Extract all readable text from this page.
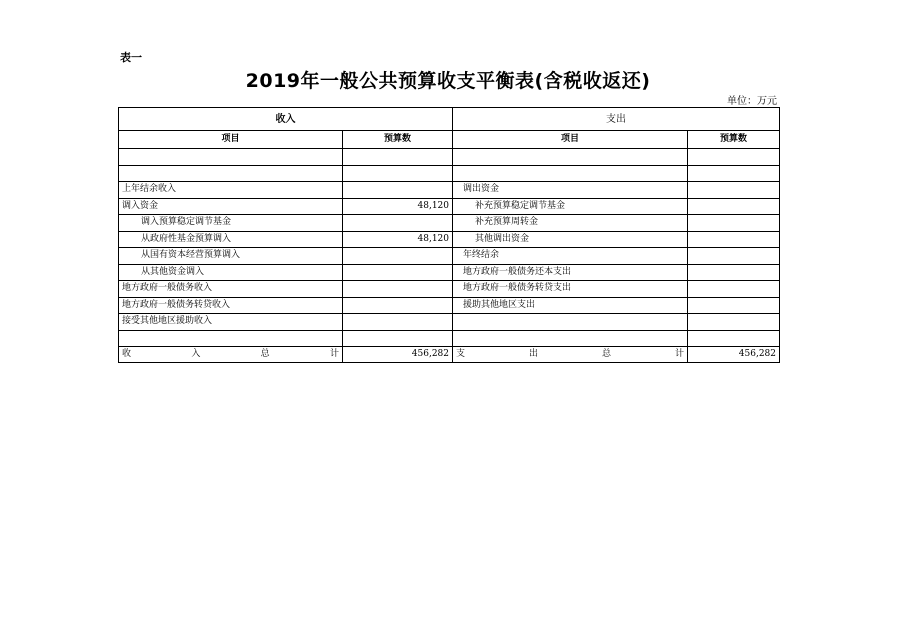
表一
2019年一般公共预算收支平衡表(含税收返还)
单位：万元
收入		支出	
项目	预算数	项目	预算数

上年结余收入		调出资金	
调入资金	48,120	补充预算稳定调节基金	
调入预算稳定调节基金		补充预算周转金	
从政府性基金预算调入	48,120	其他调出资金	
从国有资本经营预算调入		年终结余	
从其他资金调入		地方政府一般债务还本支出	
地方政府一般债务收入		地方政府一般债务转贷支出	
地方政府一般债务转贷收入		援助其他地区支出	
接受其他地区援助收入			

收 入 总 计	456,282	支 出 总 计	456,282
